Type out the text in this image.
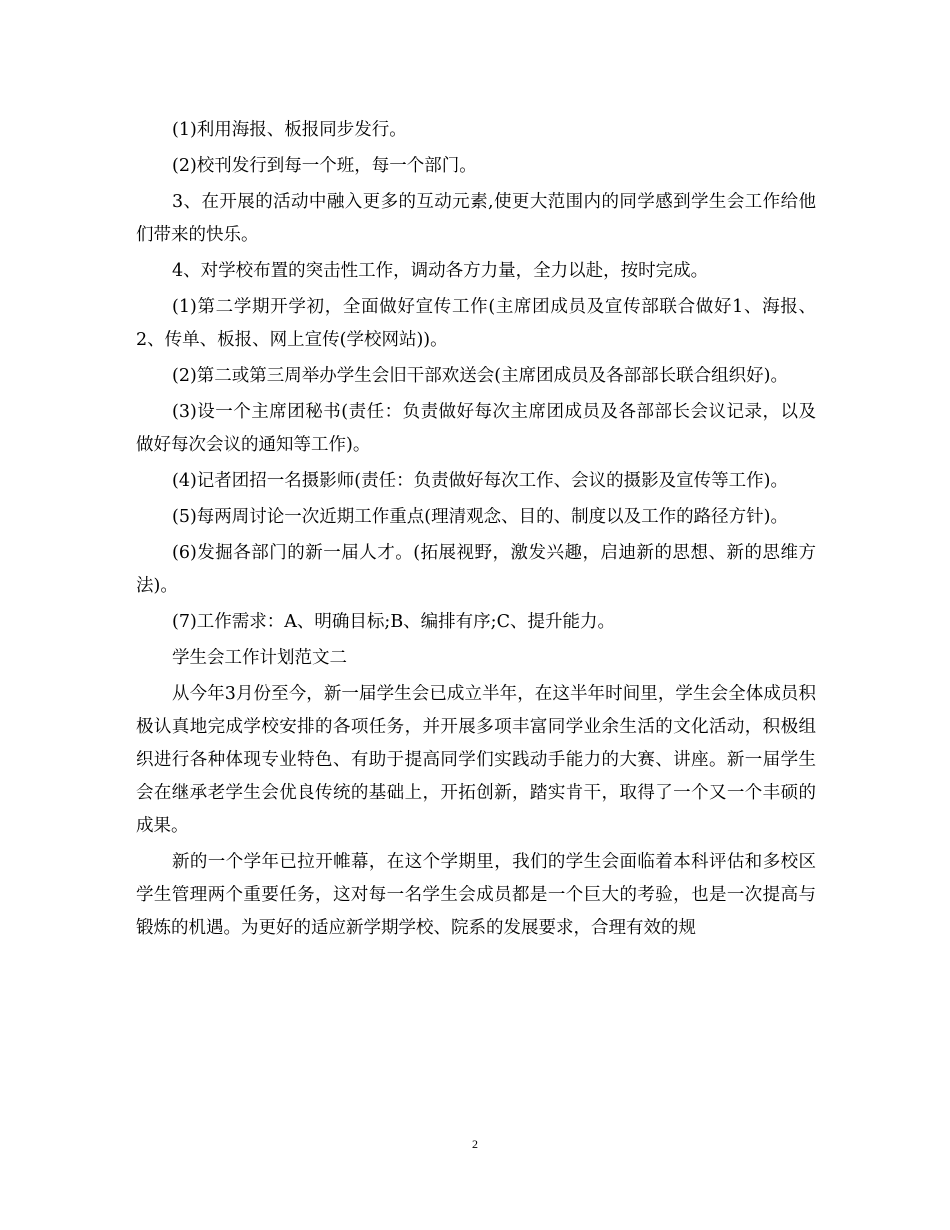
(1)利用海报、板报同步发行。

(2)校刊发行到每一个班，每一个部门。

3、在开展的活动中融入更多的互动元素,使更大范围内的同学感到学生会工作给他们带来的快乐。

4、对学校布置的突击性工作，调动各方力量，全力以赴，按时完成。

(1)第二学期开学初，全面做好宣传工作(主席团成员及宣传部联合做好1、海报、2、传单、板报、网上宣传(学校网站))。

(2)第二或第三周举办学生会旧干部欢送会(主席团成员及各部部长联合组织好)。

(3)设一个主席团秘书(责任：负责做好每次主席团成员及各部部长会议记录，以及做好每次会议的通知等工作)。

(4)记者团招一名摄影师(责任：负责做好每次工作、会议的摄影及宣传等工作)。

(5)每两周讨论一次近期工作重点(理清观念、目的、制度以及工作的路径方针)。

(6)发掘各部门的新一届人才。(拓展视野，激发兴趣，启迪新的思想、新的思维方法)。

(7)工作需求：A、明确目标;B、编排有序;C、提升能力。

学生会工作计划范文二

从今年3月份至今，新一届学生会已成立半年，在这半年时间里，学生会全体成员积极认真地完成学校安排的各项任务，并开展多项丰富同学业余生活的文化活动，积极组织进行各种体现专业特色、有助于提高同学们实践动手能力的大赛、讲座。新一届学生会在继承老学生会优良传统的基础上，开拓创新，踏实肯干，取得了一个又一个丰硕的成果。

新的一个学年已拉开帷幕，在这个学期里，我们的学生会面临着本科评估和多校区学生管理两个重要任务，这对每一名学生会成员都是一个巨大的考验，也是一次提高与锻炼的机遇。为更好的适应新学期学校、院系的发展要求，合理有效的规

2
